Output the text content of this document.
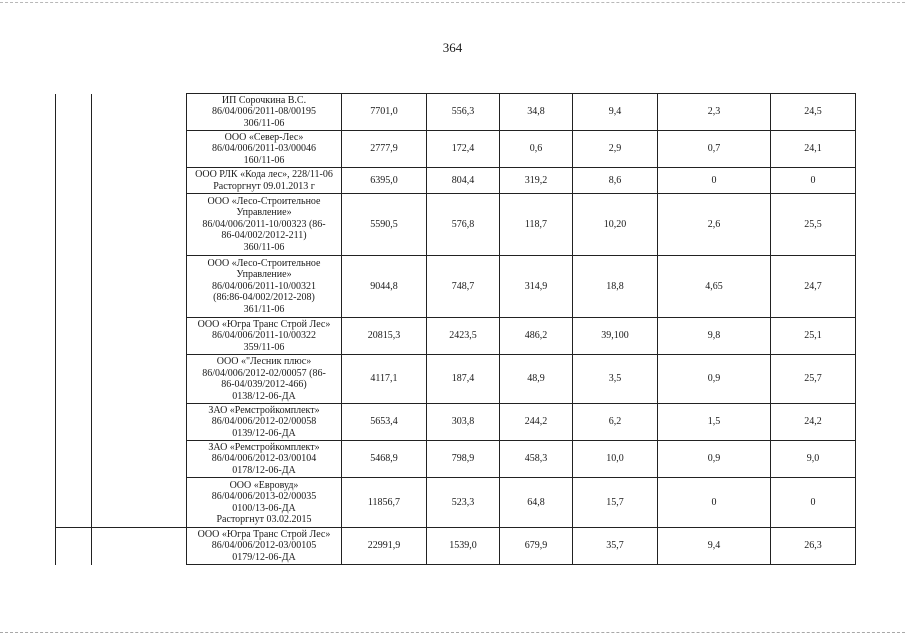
364

		ИП Сорочкина В.С.
86/04/006/2011-08/00195
306/11-06	7701,0	556,3	34,8	9,4	2,3	24,5

		ООО «Север-Лес»
86/04/006/2011-03/00046
160/11-06	2777,9	172,4	0,6	2,9	0,7	24,1

		ООО РЛК «Кода лес», 228/11-06
Расторгнут 09.01.2013 г	6395,0	804,4	319,2	8,6	0	0

		ООО «Лесо-Строительное
Управление»
86/04/006/2011-10/00323 (86-
86-04/002/2012-211)
360/11-06	5590,5	576,8	118,7	10,20	2,6	25,5

		ООО «Лесо-Строительное
Управление»
86/04/006/2011-10/00321
(86:86-04/002/2012-208)
361/11-06	9044,8	748,7	314,9	18,8	4,65	24,7

		ООО «Югра Транс Строй Лес»
86/04/006/2011-10/00322
359/11-06	20815,3	2423,5	486,2	39,100	9,8	25,1

		ООО «"Лесник плюс»
86/04/006/2012-02/00057 (86-
86-04/039/2012-466)
0138/12-06-ДА	4117,1	187,4	48,9	3,5	0,9	25,7

		ЗАО «Ремстройкомплект»
86/04/006/2012-02/00058
0139/12-06-ДА	5653,4	303,8	244,2	6,2	1,5	24,2

		ЗАО «Ремстройкомплект»
86/04/006/2012-03/00104
0178/12-06-ДА	5468,9	798,9	458,3	10,0	0,9	9,0

		ООО «Евровуд»
86/04/006/2013-02/00035
0100/13-06-ДА
Расторгнут 03.02.2015	11856,7	523,3	64,8	15,7	0	0

		ООО «Югра Транс Строй Лес»
86/04/006/2012-03/00105
0179/12-06-ДА	22991,9	1539,0	679,9	35,7	9,4	26,3
